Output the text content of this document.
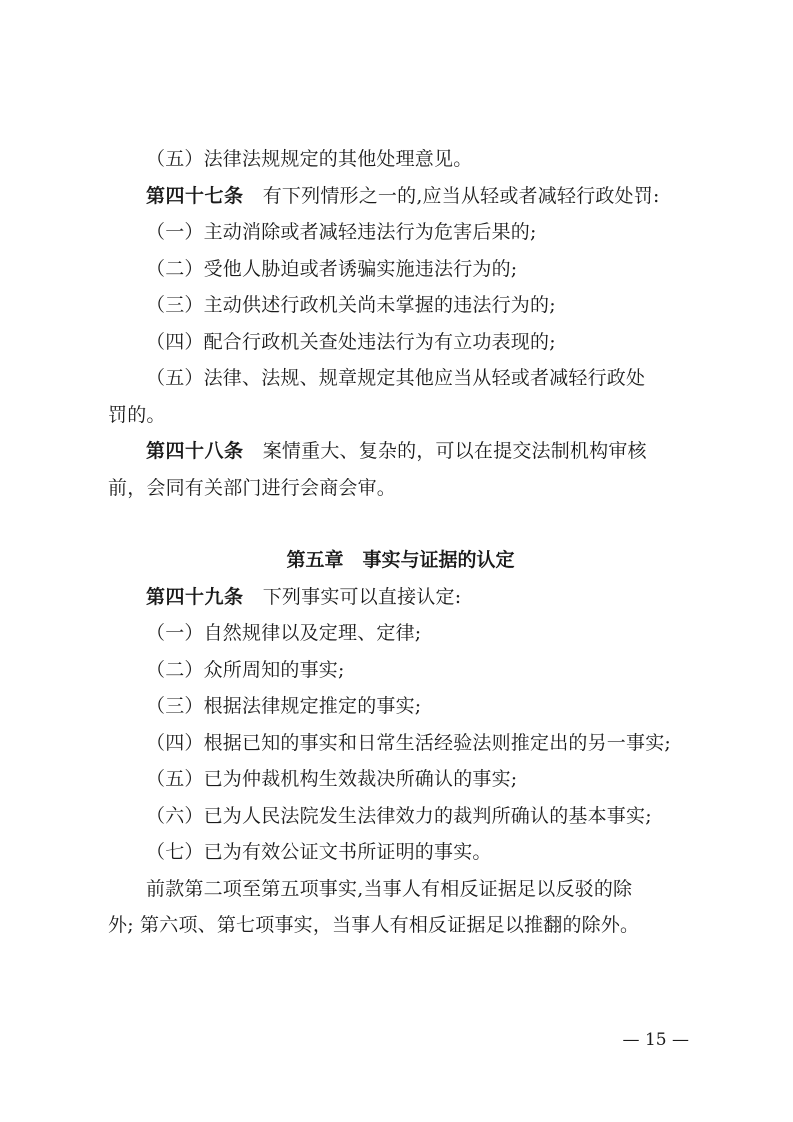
（五）法律法规规定的其他处理意见。
第四十七条　 有下列情形之一的,应当从轻或者减轻行政处罚:
（一）主动消除或者减轻违法行为危害后果的;
（二）受他人胁迫或者诱骗实施违法行为的;
（三）主动供述行政机关尚未掌握的违法行为的;
（四）配合行政机关查处违法行为有立功表现的;
（五）法律、法规、规章规定其他应当从轻或者减轻行政处
罚的。
第四十八条　 案情重大、复杂的，可以在提交法制机构审核
前，会同有关部门进行会商会审。
第五章　事实与证据的认定
第四十九条　 下列事实可以直接认定:
（一）自然规律以及定理、定律;
（二）众所周知的事实;
（三）根据法律规定推定的事实;
（四）根据已知的事实和日常生活经验法则推定出的另一事实;
（五）已为仲裁机构生效裁决所确认的事实;
（六）已为人民法院发生法律效力的裁判所确认的基本事实;
（七）已为有效公证文书所证明的事实。
前款第二项至第五项事实,当事人有相反证据足以反驳的除
外; 第六项、第七项事实，当事人有相反证据足以推翻的除外。
— 15 —
